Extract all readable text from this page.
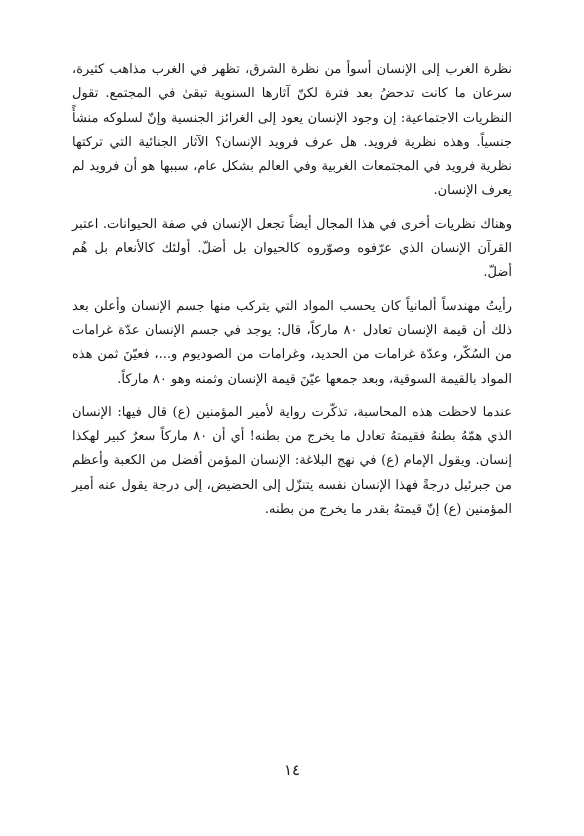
نظرة الغرب إلى الإنسان أسوأ من نظرة الشرق، تظهر في الغرب مذاهب كثيرة، سرعان ما كانت تدحضُ بعد فترة لكنّ آثارها السنوية تبقىٰ في المجتمع. تقول النظريات الاجتماعية: إن وجود الإنسان يعود إلى الغرائز الجنسية وإنّ لسلوكه منشأً جنسياً. وهذه نظرية فرويد. هل عرف فرويد الإنسان؟ الآثار الجنائية التي تركتها نظرية فرويد في المجتمعات الغربية وفي العالم بشكل عام، سببها هو أن فرويد لم يعرف الإنسان.

وهناك نظريات أخرى في هذا المجال أيضاً تجعل الإنسان في صفة الحيوانات. اعتبر القرآن الإنسان الذي عرّفوه وصوّروه كالحيوان بل أضلّ. أولئك كالأنعام بل هُم أضلّ.

رأيتُ مهندساً ألمانياً كان يحسب المواد التي يتركب منها جسم الإنسان وأعلن بعد ذلك أن قيمة الإنسان تعادل ٨٠ ماركاً، قال: يوجد في جسم الإنسان عدّة غرامات من السُكّر، وعدّة غرامات من الحديد، وغرامات من الصوديوم و...، فعيّنَ ثمن هذه المواد بالقيمة السوقية، وبعد جمعها عيّنَ قيمة الإنسان وثمنه وهو ٨٠ ماركاً.

عندما لاحظت هذه المحاسبة، تذكّرت رواية لأمير المؤمنين (ع) قال فيها: الإنسان الذي همّهُ بطنهُ فقيمتهُ تعادل ما يخرج من بطنه! أي أن ٨٠ ماركاً سعرٌ كبير لهكذا إنسان. ويقول الإمام (ع) في نهج البلاغة: الإنسان المؤمن أفضل من الكعبة وأعظم من جبرئيل درجةً فهذا الإنسان نفسه يتنزّل إلى الحضيض، إلى درجة يقول عنه أمير المؤمنين (ع) إنّ قيمتهُ بقدر ما يخرج من بطنه.

١٤
